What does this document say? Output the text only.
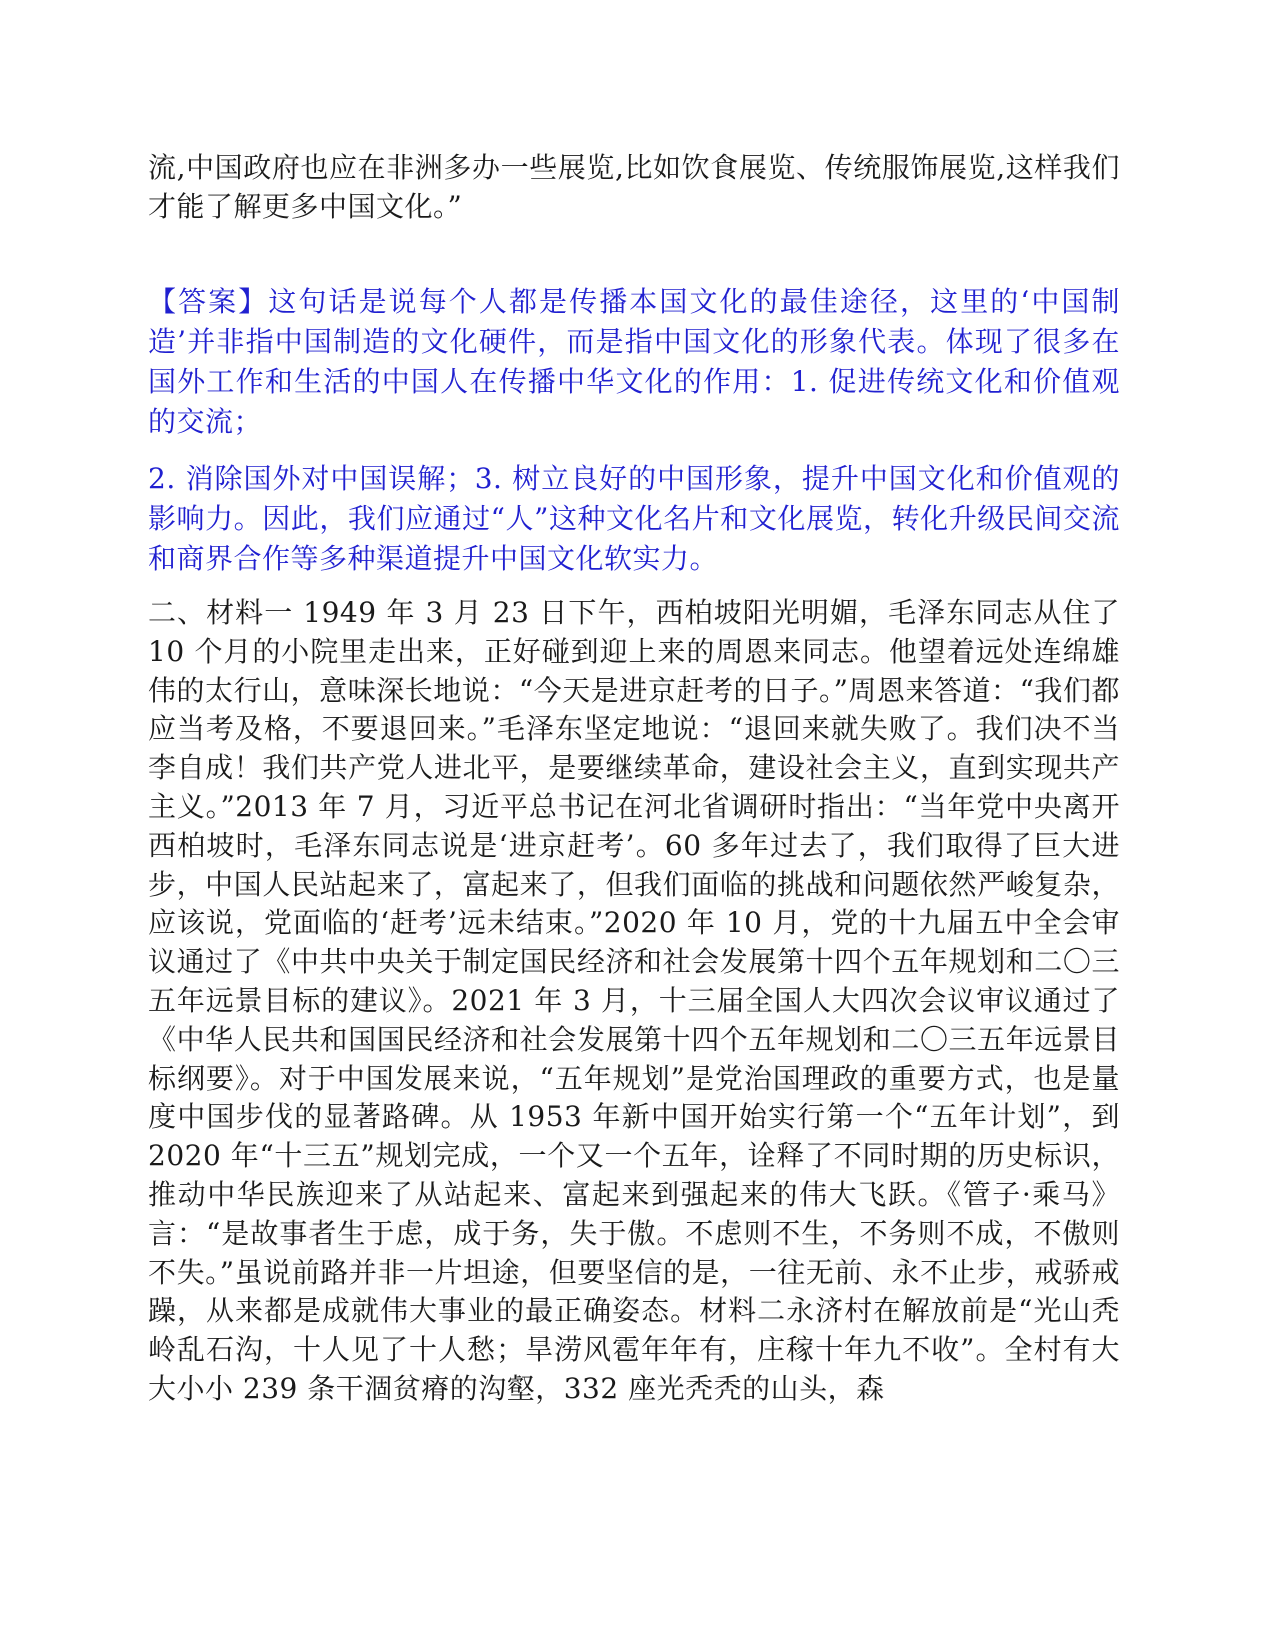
流,中国政府也应在非洲多办一些展览,比如饮食展览、传统服饰展览,这样我们才能了解更多中国文化。”

【答案】这句话是说每个人都是传播本国文化的最佳途径，这里的‘中国制造’并非指中国制造的文化硬件，而是指中国文化的形象代表。体现了很多在国外工作和生活的中国人在传播中华文化的作用：1. 促进传统文化和价值观的交流；

2. 消除国外对中国误解；3. 树立良好的中国形象，提升中国文化和价值观的影响力。因此，我们应通过“人”这种文化名片和文化展览，转化升级民间交流和商界合作等多种渠道提升中国文化软实力。

二、材料一 1949 年 3 月 23 日下午，西柏坡阳光明媚，毛泽东同志从住了 10 个月的小院里走出来，正好碰到迎上来的周恩来同志。他望着远处连绵雄伟的太行山，意味深长地说：“今天是进京赶考的日子。”周恩来答道：“我们都应当考及格，不要退回来。”毛泽东坚定地说：“退回来就失败了。我们决不当李自成！我们共产党人进北平，是要继续革命，建设社会主义，直到实现共产主义。”2013 年 7 月，习近平总书记在河北省调研时指出：“当年党中央离开西柏坡时，毛泽东同志说是‘进京赶考’。60 多年过去了，我们取得了巨大进步，中国人民站起来了，富起来了，但我们面临的挑战和问题依然严峻复杂，应该说，党面临的‘赶考’远未结束。”2020 年 10 月，党的十九届五中全会审议通过了《中共中央关于制定国民经济和社会发展第十四个五年规划和二〇三五年远景目标的建议》。2021 年 3 月，十三届全国人大四次会议审议通过了《中华人民共和国国民经济和社会发展第十四个五年规划和二〇三五年远景目标纲要》。对于中国发展来说，“五年规划”是党治国理政的重要方式，也是量度中国步伐的显著路碑。从 1953 年新中国开始实行第一个“五年计划”，到 2020 年“十三五”规划完成，一个又一个五年，诠释了不同时期的历史标识，推动中华民族迎来了从站起来、富起来到强起来的伟大飞跃。《管子·乘马》言：“是故事者生于虑，成于务，失于傲。不虑则不生，不务则不成，不傲则不失。”虽说前路并非一片坦途，但要坚信的是，一往无前、永不止步，戒骄戒躁，从来都是成就伟大事业的最正确姿态。材料二永济村在解放前是“光山秃岭乱石沟，十人见了十人愁；旱涝风雹年年有，庄稼十年九不收”。全村有大大小小 239 条干涸贫瘠的沟壑，332 座光秃秃的山头，森
